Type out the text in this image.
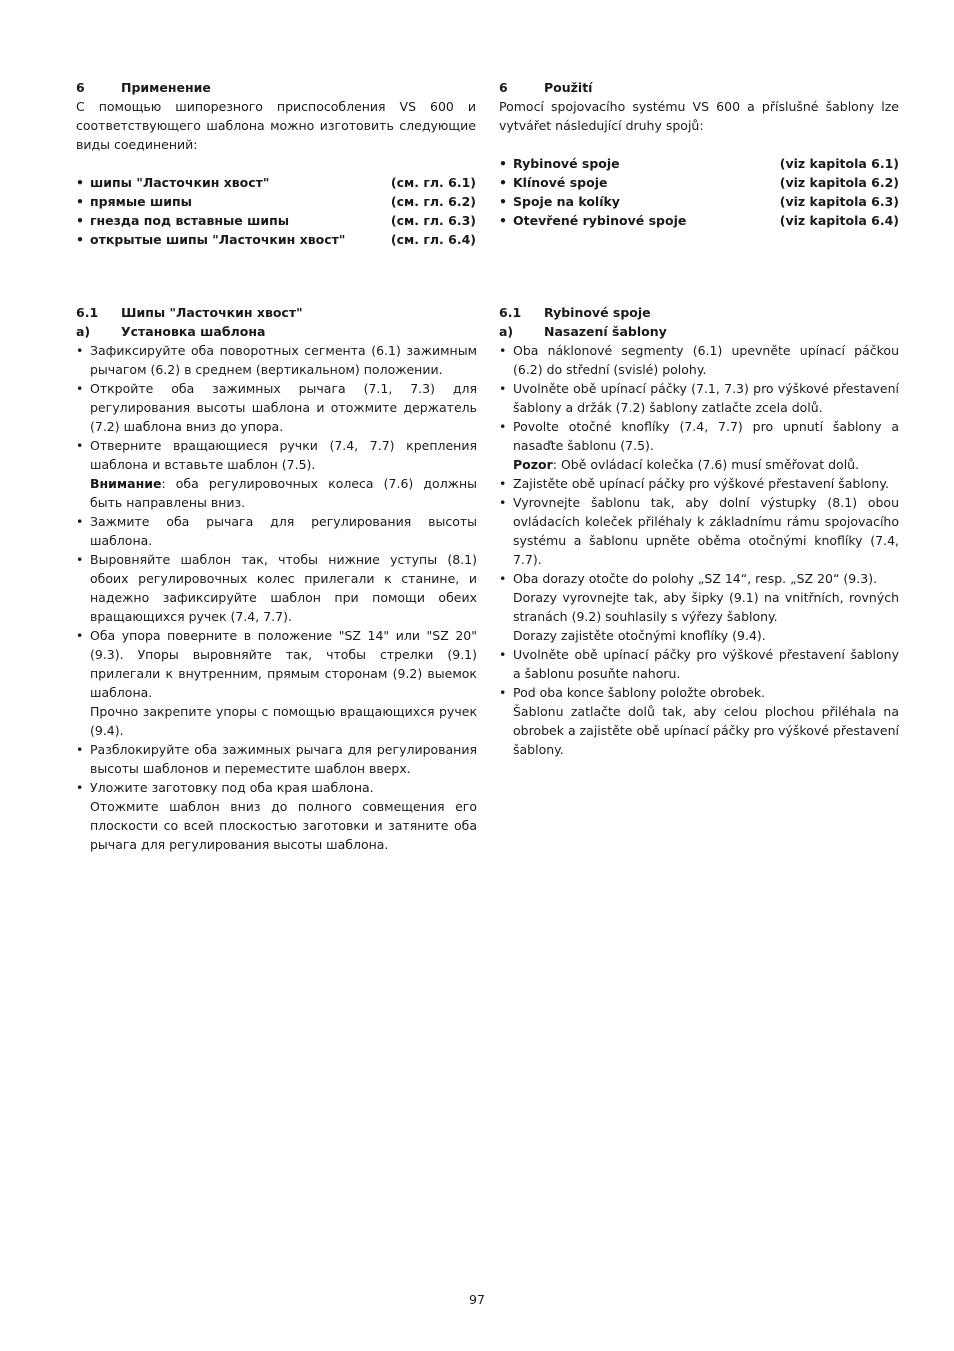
6	Применение

С помощью шипорезного приспособления VS 600 и соответствующего шаблона можно изготовить следующие виды соединений:

• шипы "Ласточкин хвост"	(см. гл. 6.1)
• прямые шипы	(см. гл. 6.2)
• гнезда под вставные шипы	(см. гл. 6.3)
• открытые шипы "Ласточкин хвост"	(см. гл. 6.4)
6	Použití

Pomocí spojovacího systému VS 600 a příslušné šablony lze vytvářet následující druhy spojů:

• Rybinové spoje	(viz kapitola 6.1)
• Klínové spoje	(viz kapitola 6.2)
• Spoje na kolíky	(viz kapitola 6.3)
• Otevřené rybinové spoje	(viz kapitola 6.4)
6.1	Шипы "Ласточкин хвост"
a)	Установка шаблона
• Зафиксируйте оба поворотных сегмента (6.1) зажимным рычагом (6.2) в среднем (вертикальном) положении.

• Откройте оба зажимных рычага (7.1, 7.3) для регулирования высоты шаблона и отожмите держатель (7.2) шаблона вниз до упора.

• Отверните вращающиеся ручки (7.4, 7.7) крепления шаблона и вставьте шаблон (7.5).

Внимание: оба регулировочных колеса (7.6) должны быть направлены вниз.

• Зажмите оба рычага для регулирования высоты шаблона.

• Выровняйте шаблон так, чтобы нижние уступы (8.1) обоих регулировочных колес прилегали к станине, и надежно зафиксируйте шаблон при помощи обеих вращающихся ручек (7.4, 7.7).

• Оба упора поверните в положение "SZ 14" или "SZ 20" (9.3). Упоры выровняйте так, чтобы стрелки (9.1) прилегали к внутренним, прямым сторонам (9.2) выемок шаблона.

Прочно закрепите упоры с помощью вращающихся ручек (9.4).

• Разблокируйте оба зажимных рычага для регулирования высоты шаблонов и переместите шаблон вверх.

• Уложите заготовку под оба края шаблона.

Отожмите шаблон вниз до полного совмещения его плоскости со всей плоскостью заготовки и затяните оба рычага для регулирования высоты шаблона.

6.1	Rybinové spoje
a)	Nasazení šablony
• Oba náklonové segmenty (6.1) upevněte upínací páčkou (6.2) do střední (svislé) polohy.

• Uvolněte obě upínací páčky (7.1, 7.3) pro výškové přestavení šablony a držák (7.2) šablony zatlačte zcela dolů.

• Povolte otočné knoflíky (7.4, 7.7) pro upnutí šablony a nasaďte šablonu (7.5).

Pozor: Obě ovládací kolečka (7.6) musí směřovat dolů.

• Zajistěte obě upínací páčky pro výškové přestavení šablony.

• Vyrovnejte šablonu tak, aby dolní výstupky (8.1) obou ovládacích koleček přiléhaly k základnímu rámu spojovacího systému a šablonu upněte oběma otočnými knoflíky (7.4, 7.7).

• Oba dorazy otočte do polohy „SZ 14“, resp. „SZ 20“ (9.3).

Dorazy vyrovnejte tak, aby šipky (9.1) na vnitřních, rovných stranách (9.2) souhlasily s výřezy šablony.

Dorazy zajistěte otočnými knoflíky (9.4).

• Uvolněte obě upínací páčky pro výškové přestavení šablony a šablonu posuňte nahoru.

• Pod oba konce šablony položte obrobek.

Šablonu zatlačte dolů tak, aby celou plochou přiléhala na obrobek a zajistěte obě upínací páčky pro výškové přestavení šablony.

97
